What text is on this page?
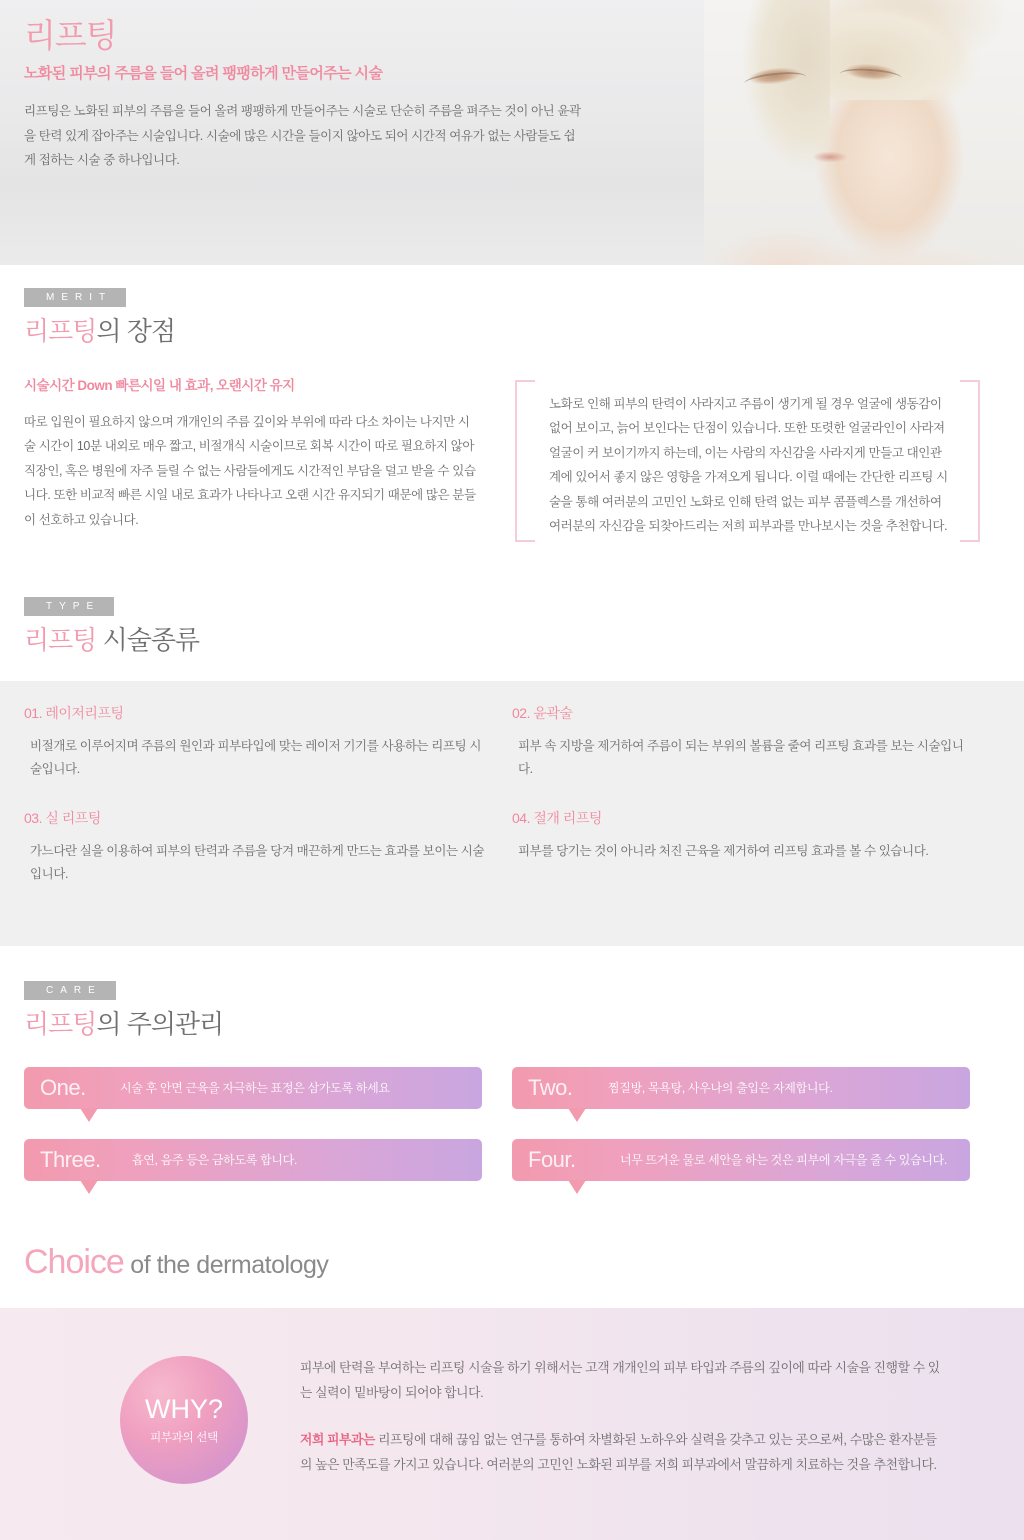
리프팅
노화된 피부의 주름을 들어 올려 팽팽하게 만들어주는 시술

리프팅은 노화된 피부의 주름을 들어 올려 팽팽하게 만들어주는 시술로 단순히 주름을 펴주는 것이 아닌 윤곽을 탄력 있게 잡아주는 시술입니다. 시술에 많은 시간을 들이지 않아도 되어 시간적 여유가 없는 사람들도 쉽게 접하는 시술 중 하나입니다.

MERIT
리프팅의 장점
시술시간 Down 빠른시일 내 효과, 오랜시간 유지

따로 입원이 필요하지 않으며 개개인의 주름 깊이와 부위에 따라 다소 차이는 나지만 시술 시간이 10분 내외로 매우 짧고, 비절개식 시술이므로 회복 시간이 따로 필요하지 않아 직장인, 혹은 병원에 자주 들릴 수 없는 사람들에게도 시간적인 부담을 덜고 받을 수 있습니다. 또한 비교적 빠른 시일 내로 효과가 나타나고 오랜 시간 유지되기 때문에 많은 분들이 선호하고 있습니다.

노화로 인해 피부의 탄력이 사라지고 주름이 생기게 될 경우 얼굴에 생동감이 없어 보이고, 늙어 보인다는 단점이 있습니다. 또한 또렷한 얼굴라인이 사라져 얼굴이 커 보이기까지 하는데, 이는 사람의 자신감을 사라지게 만들고 대인관계에 있어서 좋지 않은 영향을 가져오게 됩니다. 이럴 때에는 간단한 리프팅 시술을 통해 여러분의 고민인 노화로 인해 탄력 없는 피부 콤플렉스를 개선하여 여러분의 자신감을 되찾아드리는 저희 피부과를 만나보시는 것을 추천합니다.
TYPE
리프팅 시술종류
01. 레이저리프팅

비절개로 이루어지며 주름의 원인과 피부타입에 맞는 레이저 기기를 사용하는 리프팅 시술입니다.

02. 윤곽술

피부 속 지방을 제거하여 주름이 되는 부위의 볼륨을 줄여 리프팅 효과를 보는 시술입니다.

03. 실 리프팅

가느다란 실을 이용하여 피부의 탄력과 주름을 당겨 매끈하게 만드는 효과를 보이는 시술입니다.

04. 절개 리프팅

피부를 당기는 것이 아니라 처진 근육을 제거하여 리프팅 효과를 볼 수 있습니다.

CARE
리프팅의 주의관리
One.	시술 후 안면 근육을 자극하는 표정은 삼가도록 하세요	Two.	찜질방, 목욕탕, 사우나의 출입은 자제합니다.
Three.	흡연, 음주 등은 금하도록 합니다.	Four.	너무 뜨거운 물로 세안을 하는 것은 피부에 자극을 줄 수 있습니다.
Choice of the dermatology
WHY?
피부과의 선택

피부에 탄력을 부여하는 리프팅 시술을 하기 위해서는 고객 개개인의 피부 타입과 주름의 깊이에 따라 시술을 진행할 수 있는 실력이 밑바탕이 되어야 합니다.

저희 피부과는 리프팅에 대해 끊임 없는 연구를 통하여 차별화된 노하우와 실력을 갖추고 있는 곳으로써, 수많은 환자분들의 높은 만족도를 가지고 있습니다. 여러분의 고민인 노화된 피부를 저희 피부과에서 말끔하게 치료하는 것을 추천합니다.
